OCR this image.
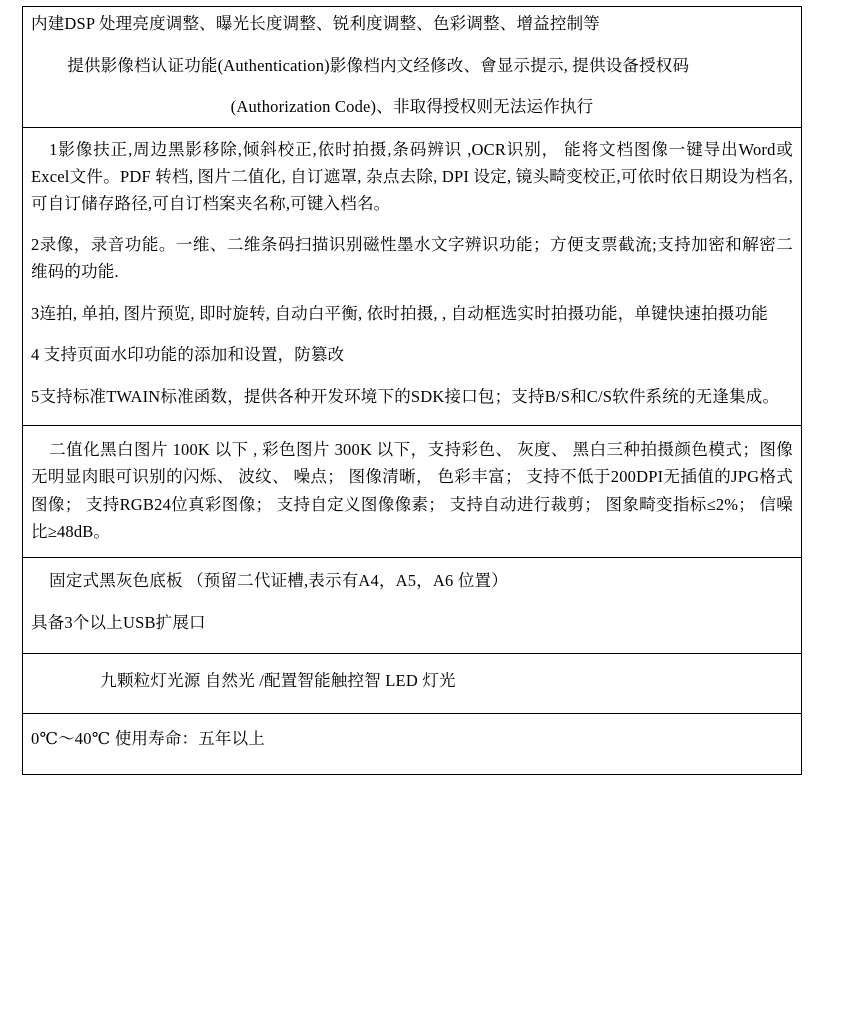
内建DSP 处理亮度调整、曝光长度调整、锐利度调整、色彩调整、增益控制等

提供影像档认证功能(Authentication)影像档内文经修改、會显示提示, 提供设备授权码

(Authorization Code)、非取得授权则无法运作执行

1影像扶正,周边黑影移除,倾斜校正,依时拍摄,条码辨识 ,OCR识别， 能将文档图像一键导出Word或Excel文件。PDF 转档, 图片二值化, 自订遮罩, 杂点去除, DPI 设定, 镜头畸变校正,可依时依日期设为档名,可自订储存路径,可自订档案夹名称,可键入档名。

2录像，录音功能。一维、二维条码扫描识别磁性墨水文字辨识功能；方便支票截流;支持加密和解密二维码的功能.

3连拍, 单拍, 图片预览, 即时旋转, 自动白平衡, 依时拍摄, , 自动框选实时拍摄功能，单键快速拍摄功能

4 支持页面水印功能的添加和设置，防篡改

5支持标准TWAIN标准函数，提供各种开发环境下的SDK接口包；支持B/S和C/S软件系统的无逢集成。

二值化黑白图片 100K 以下 , 彩色图片 300K 以下，支持彩色、 灰度、 黑白三种拍摄颜色模式；图像无明显肉眼可识别的闪烁、 波纹、 噪点； 图像清晰， 色彩丰富； 支持不低于200DPI无插值的JPG格式图像； 支持RGB24位真彩图像； 支持自定义图像像素； 支持自动进行裁剪； 图象畸变指标≤2%； 信噪比≥48dB。

固定式黑灰色底板 （预留二代证槽,表示有A4，A5，A6 位置）

具备3个以上USB扩展口

九颗粒灯光源 自然光 /配置智能触控智 LED 灯光

0℃～40℃ 使用寿命：五年以上
